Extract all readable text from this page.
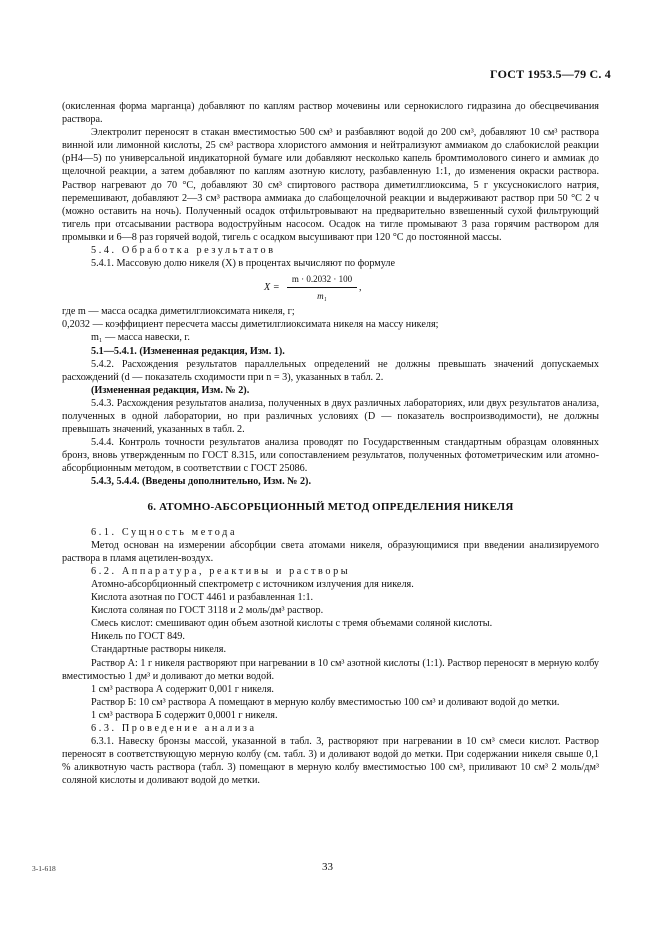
ГОСТ 1953.5—79 С. 4

(окисленная форма марганца) добавляют по каплям раствор мочевины или сернокислого гидразина до обесцвечивания раствора.

Электролит переносят в стакан вместимостью 500 см³ и разбавляют водой до 200 см³, добавляют 10 см³ раствора винной или лимонной кислоты, 25 см³ раствора хлористого аммония и нейтрализуют аммиаком до слабокислой реакции (рН4—5) по универсальной индикаторной бумаге или добавляют несколько капель бромтимолового синего и аммиак до щелочной реакции, а затем добавляют по каплям азотную кислоту, разбавленную 1:1, до изменения окраски раствора. Раствор нагревают до 70 °С, добавляют 30 см³ спиртового раствора диметилглиоксима, 5 г уксуснокислого натрия, перемешивают, добавляют 2—3 см³ раствора аммиака до слабощелочной реакции и выдерживают раствор при 50 °С 2 ч (можно оставить на ночь). Полученный осадок отфильтровывают на предварительно взвешенный сухой фильтрующий тигель при отсасывании раствора водоструйным насосом. Осадок на тигле промывают 3 раза горячим раствором для промывки и 6—8 раз горячей водой, тигель с осадком высушивают при 120 °С до постоянной массы.

5.4. Обработка результатов

5.4.1. Массовую долю никеля (X) в процентах вычисляют по формуле

$X = \frac{m \cdot 0.2032 \cdot 100}{\text{m₁}}$ ,

где m — масса осадка диметилглиоксимата никеля, г;

0,2032 — коэффициент пересчета массы диметилглиоксимата никеля на массу никеля;

m₁ — масса навески, г.

5.1—5.4.1. (Измененная редакция, Изм. 1).

5.4.2. Расхождения результатов параллельных определений не должны превышать значений допускаемых расхождений (d — показатель сходимости при n = 3), указанных в табл. 2.

(Измененная редакция, Изм. № 2).

5.4.3. Расхождения результатов анализа, полученных в двух различных лабораториях, или двух результатов анализа, полученных в одной лаборатории, но при различных условиях (D — показатель воспроизводимости), не должны превышать значений, указанных в табл. 2.

5.4.4. Контроль точности результатов анализа проводят по Государственным стандартным образцам оловянных бронз, вновь утвержденным по ГОСТ 8.315, или сопоставлением результатов, полученных фотометрическим или атомно-абсорбционным методом, в соответствии с ГОСТ 25086.

5.4.3, 5.4.4. (Введены дополнительно, Изм. № 2).

6. АТОМНО-АБСОРБЦИОННЫЙ МЕТОД ОПРЕДЕЛЕНИЯ НИКЕЛЯ

6.1. Сущность метода

Метод основан на измерении абсорбции света атомами никеля, образующимися при введении анализируемого раствора в пламя ацетилен-воздух.

6.2. Аппаратура, реактивы и растворы

Атомно-абсорбционный спектрометр с источником излучения для никеля.

Кислота азотная по ГОСТ 4461 и разбавленная 1:1.

Кислота соляная по ГОСТ 3118 и 2 моль/дм³ раствор.

Смесь кислот: смешивают один объем азотной кислоты с тремя объемами соляной кислоты.

Никель по ГОСТ 849.

Стандартные растворы никеля.

Раствор А: 1 г никеля растворяют при нагревании в 10 см³ азотной кислоты (1:1). Раствор переносят в мерную колбу вместимостью 1 дм³ и доливают до метки водой.

1 см³ раствора А содержит 0,001 г никеля.

Раствор Б: 10 см³ раствора А помещают в мерную колбу вместимостью 100 см³ и доливают водой до метки.

1 см³ раствора Б содержит 0,0001 г никеля.

6.3. Проведение анализа

6.3.1. Навеску бронзы массой, указанной в табл. 3, растворяют при нагревании в 10 см³ смеси кислот. Раствор переносят в соответствующую мерную колбу (см. табл. 3) и доливают водой до метки. При содержании никеля свыше 0,1 % аликвотную часть раствора (табл. 3) помещают в мерную колбу вместимостью 100 см³, приливают 10 см³ 2 моль/дм³ соляной кислоты и доливают водой до метки.

3-1-618	33
